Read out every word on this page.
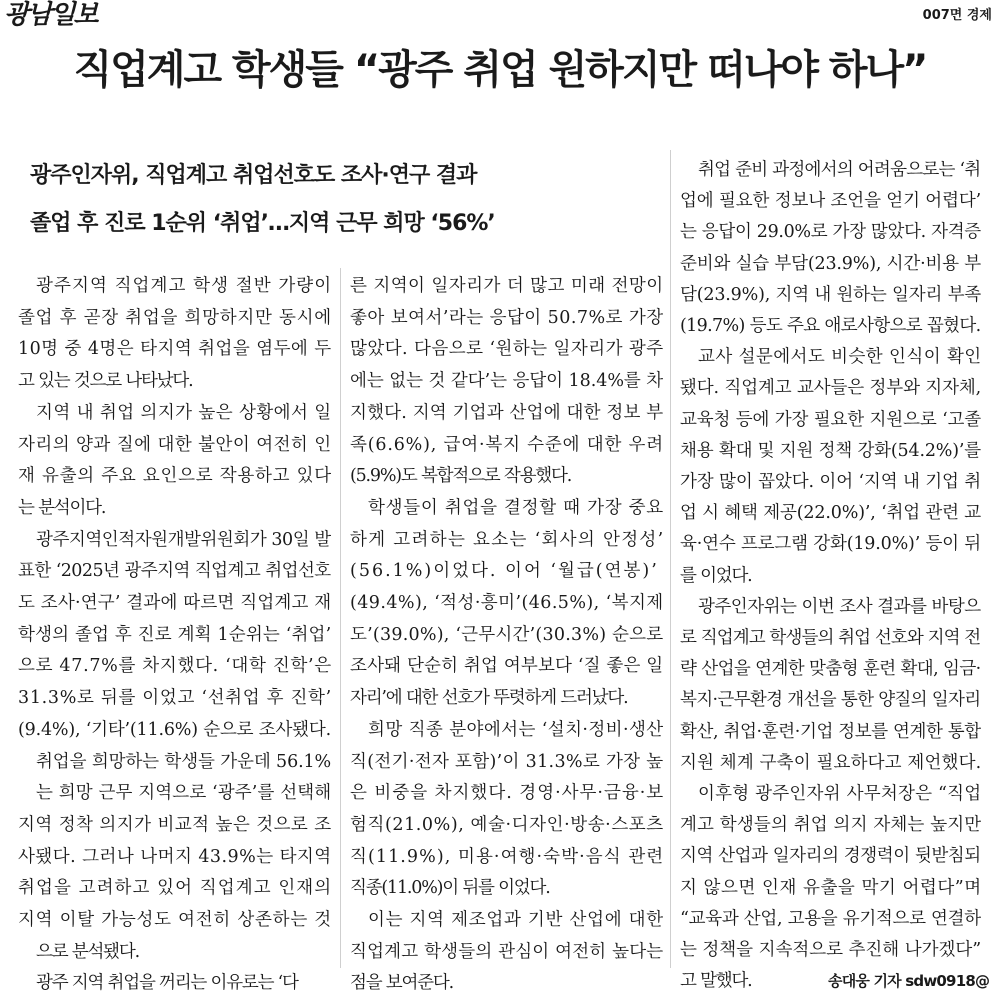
광남일보	007면 경제
직업계고 학생들 “광주 취업 원하지만 떠나야 하나”
광주인자위, 직업계고 취업선호도 조사·연구 결과
졸업 후 진로 1순위 ‘취업’…지역 근무 희망 ‘56%’
광주지역 직업계고 학생 절반 가량이
졸업 후 곧장 취업을 희망하지만 동시에
10명 중 4명은 타지역 취업을 염두에 두
고 있는 것으로 나타났다.
지역 내 취업 의지가 높은 상황에서 일
자리의 양과 질에 대한 불안이 여전히 인
재 유출의 주요 요인으로 작용하고 있다
는 분석이다.
광주지역인적자원개발위원회가 30일 발
표한 ‘2025년 광주지역 직업계고 취업선호
도 조사·연구’ 결과에 따르면 직업계고 재
학생의 졸업 후 진로 계획 1순위는 ‘취업’
으로 47.7%를 차지했다. ‘대학 진학’은
31.3%로 뒤를 이었고 ‘선취업 후 진학’
(9.4%), ‘기타’(11.6%) 순으로 조사됐다.
취업을 희망하는 학생들 가운데 56.1%
는 희망 근무 지역으로 ‘광주’를 선택해
지역 정착 의지가 비교적 높은 것으로 조
사됐다. 그러나 나머지 43.9%는 타지역
취업을 고려하고 있어 직업계고 인재의
지역 이탈 가능성도 여전히 상존하는 것
으로 분석됐다.
광주 지역 취업을 꺼리는 이유로는 ‘다
른 지역이 일자리가 더 많고 미래 전망이
좋아 보여서’라는 응답이 50.7%로 가장
많았다. 다음으로 ‘원하는 일자리가 광주
에는 없는 것 같다’는 응답이 18.4%를 차
지했다. 지역 기업과 산업에 대한 정보 부
족(6.6%), 급여·복지 수준에 대한 우려
(5.9%)도 복합적으로 작용했다.
학생들이 취업을 결정할 때 가장 중요
하게 고려하는 요소는 ‘회사의 안정성’
(56.1%)이었다. 이어 ‘월급(연봉)’
(49.4%), ‘적성·흥미’(46.5%), ‘복지제
도’(39.0%), ‘근무시간’(30.3%) 순으로
조사돼 단순히 취업 여부보다 ‘질 좋은 일
자리’에 대한 선호가 뚜렷하게 드러났다.
희망 직종 분야에서는 ‘설치·정비·생산
직(전기·전자 포함)’이 31.3%로 가장 높
은 비중을 차지했다. 경영·사무·금융·보
험직(21.0%), 예술·디자인·방송·스포츠
직(11.9%), 미용·여행·숙박·음식 관련
직종(11.0%)이 뒤를 이었다.
이는 지역 제조업과 기반 산업에 대한
직업계고 학생들의 관심이 여전히 높다는
점을 보여준다.
취업 준비 과정에서의 어려움으로는 ‘취
업에 필요한 정보나 조언을 얻기 어렵다’
는 응답이 29.0%로 가장 많았다. 자격증
준비와 실습 부담(23.9%), 시간·비용 부
담(23.9%), 지역 내 원하는 일자리 부족
(19.7%) 등도 주요 애로사항으로 꼽혔다.
교사 설문에서도 비슷한 인식이 확인
됐다. 직업계고 교사들은 정부와 지자체,
교육청 등에 가장 필요한 지원으로 ‘고졸
채용 확대 및 지원 정책 강화(54.2%)’를
가장 많이 꼽았다. 이어 ‘지역 내 기업 취
업 시 혜택 제공(22.0%)’, ‘취업 관련 교
육·연수 프로그램 강화(19.0%)’ 등이 뒤
를 이었다.
광주인자위는 이번 조사 결과를 바탕으
로 직업계고 학생들의 취업 선호와 지역 전
략 산업을 연계한 맞춤형 훈련 확대, 임금·
복지·근무환경 개선을 통한 양질의 일자리
확산, 취업·훈련·기업 정보를 연계한 통합
지원 체계 구축이 필요하다고 제언했다.
이후형 광주인자위 사무처장은 “직업
계고 학생들의 취업 의지 자체는 높지만
지역 산업과 일자리의 경쟁력이 뒷받침되
지 않으면 인재 유출을 막기 어렵다”며
“교육과 산업, 고용을 유기적으로 연결하
는 정책을 지속적으로 추진해 나가겠다”
고 말했다.	송대웅 기자 sdw0918@
